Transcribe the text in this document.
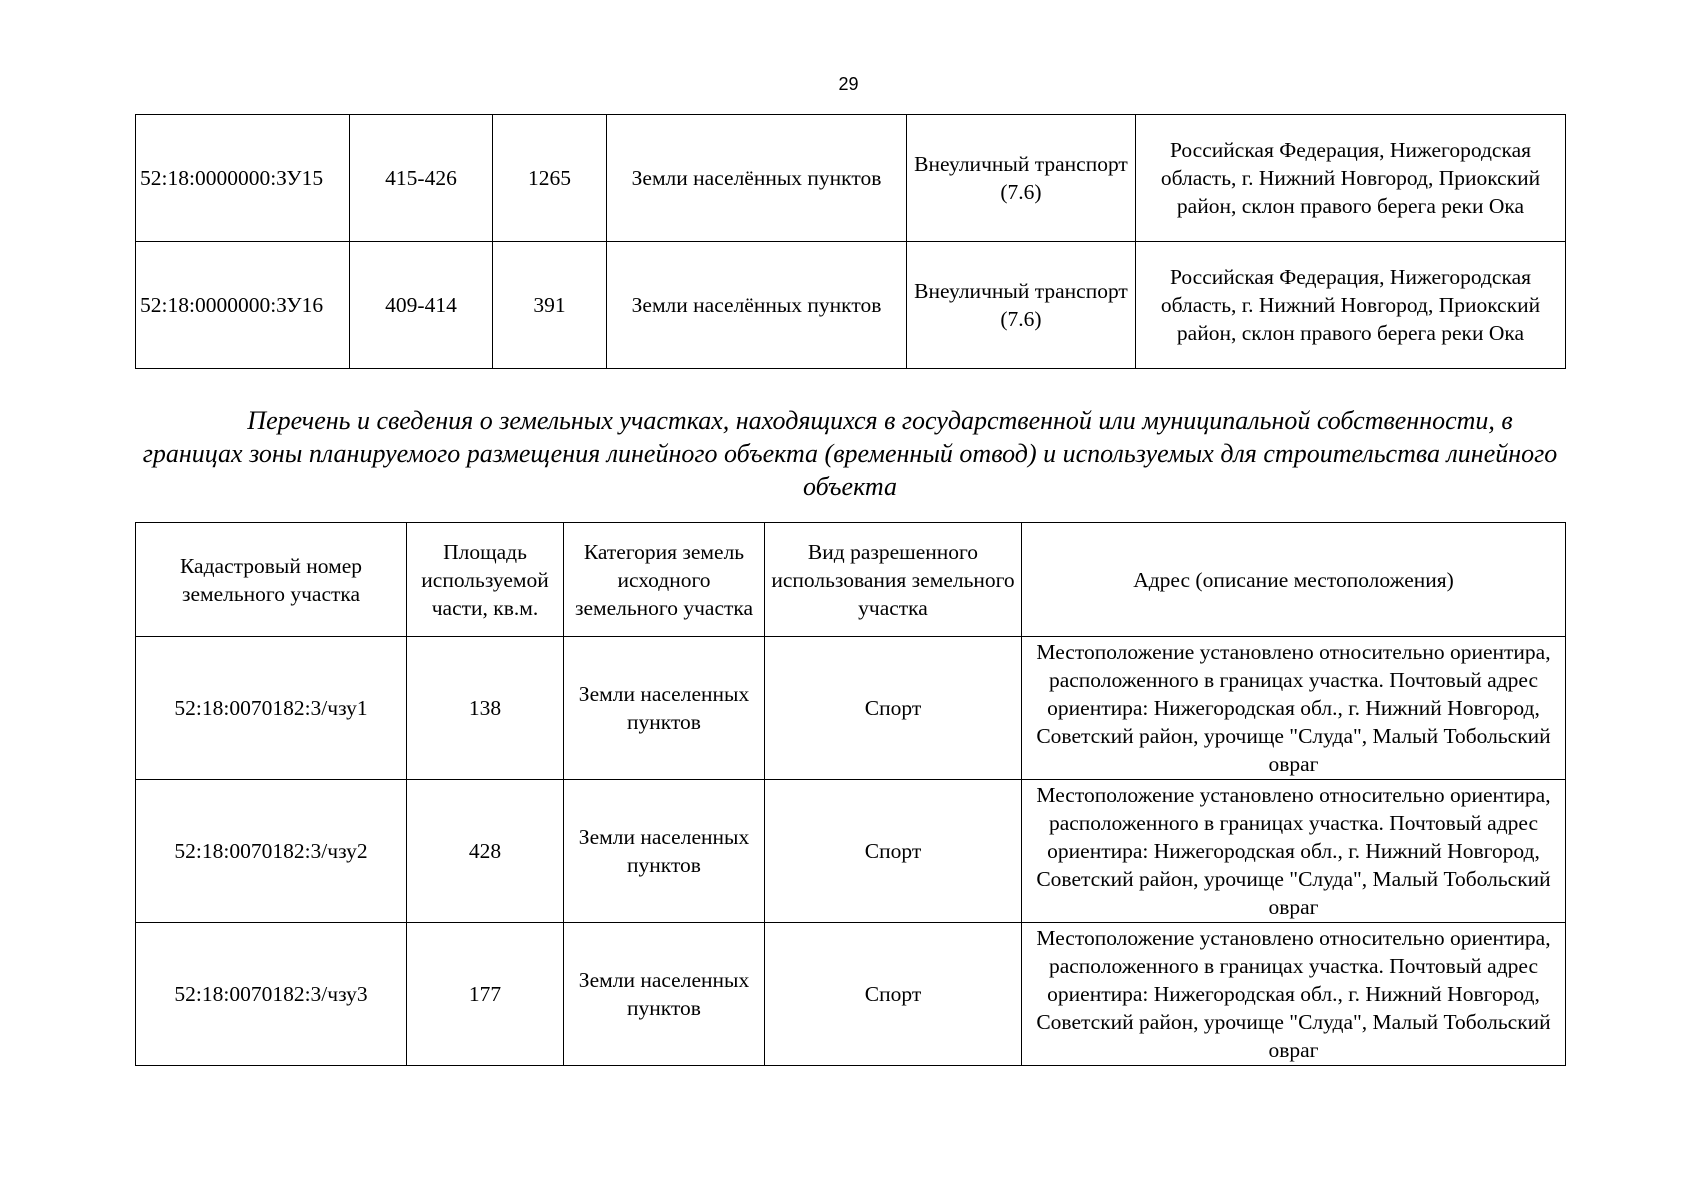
29
52:18:0000000:ЗУ15	415-426	1265	Земли населённых пунктов	Внеуличный транспорт (7.6)	Российская Федерация, Нижегородская область, г. Нижний Новгород, Приокский район, склон правого берега реки Ока
52:18:0000000:ЗУ16	409-414	391	Земли населённых пунктов	Внеуличный транспорт (7.6)	Российская Федерация, Нижегородская область, г. Нижний Новгород, Приокский район, склон правого берега реки Ока
Перечень и сведения о земельных участках, находящихся в государственной или муниципальной собственности, в границах зоны планируемого размещения линейного объекта (временный отвод) и используемых для строительства линейного объекта
Кадастровый номер земельного участка	Площадь используемой части, кв.м.	Категория земель исходного земельного участка	Вид разрешенного использования земельного участка	Адрес (описание местоположения)
52:18:0070182:3/чзу1	138	Земли населенных пунктов	Спорт	Местоположение установлено относительно ориентира, расположенного в границах участка. Почтовый адрес ориентира: Нижегородская обл., г. Нижний Новгород, Советский район, урочище "Слуда", Малый Тобольский овраг
52:18:0070182:3/чзу2	428	Земли населенных пунктов	Спорт	Местоположение установлено относительно ориентира, расположенного в границах участка. Почтовый адрес ориентира: Нижегородская обл., г. Нижний Новгород, Советский район, урочище "Слуда", Малый Тобольский овраг
52:18:0070182:3/чзу3	177	Земли населенных пунктов	Спорт	Местоположение установлено относительно ориентира, расположенного в границах участка. Почтовый адрес ориентира: Нижегородская обл., г. Нижний Новгород, Советский район, урочище "Слуда", Малый Тобольский овраг
